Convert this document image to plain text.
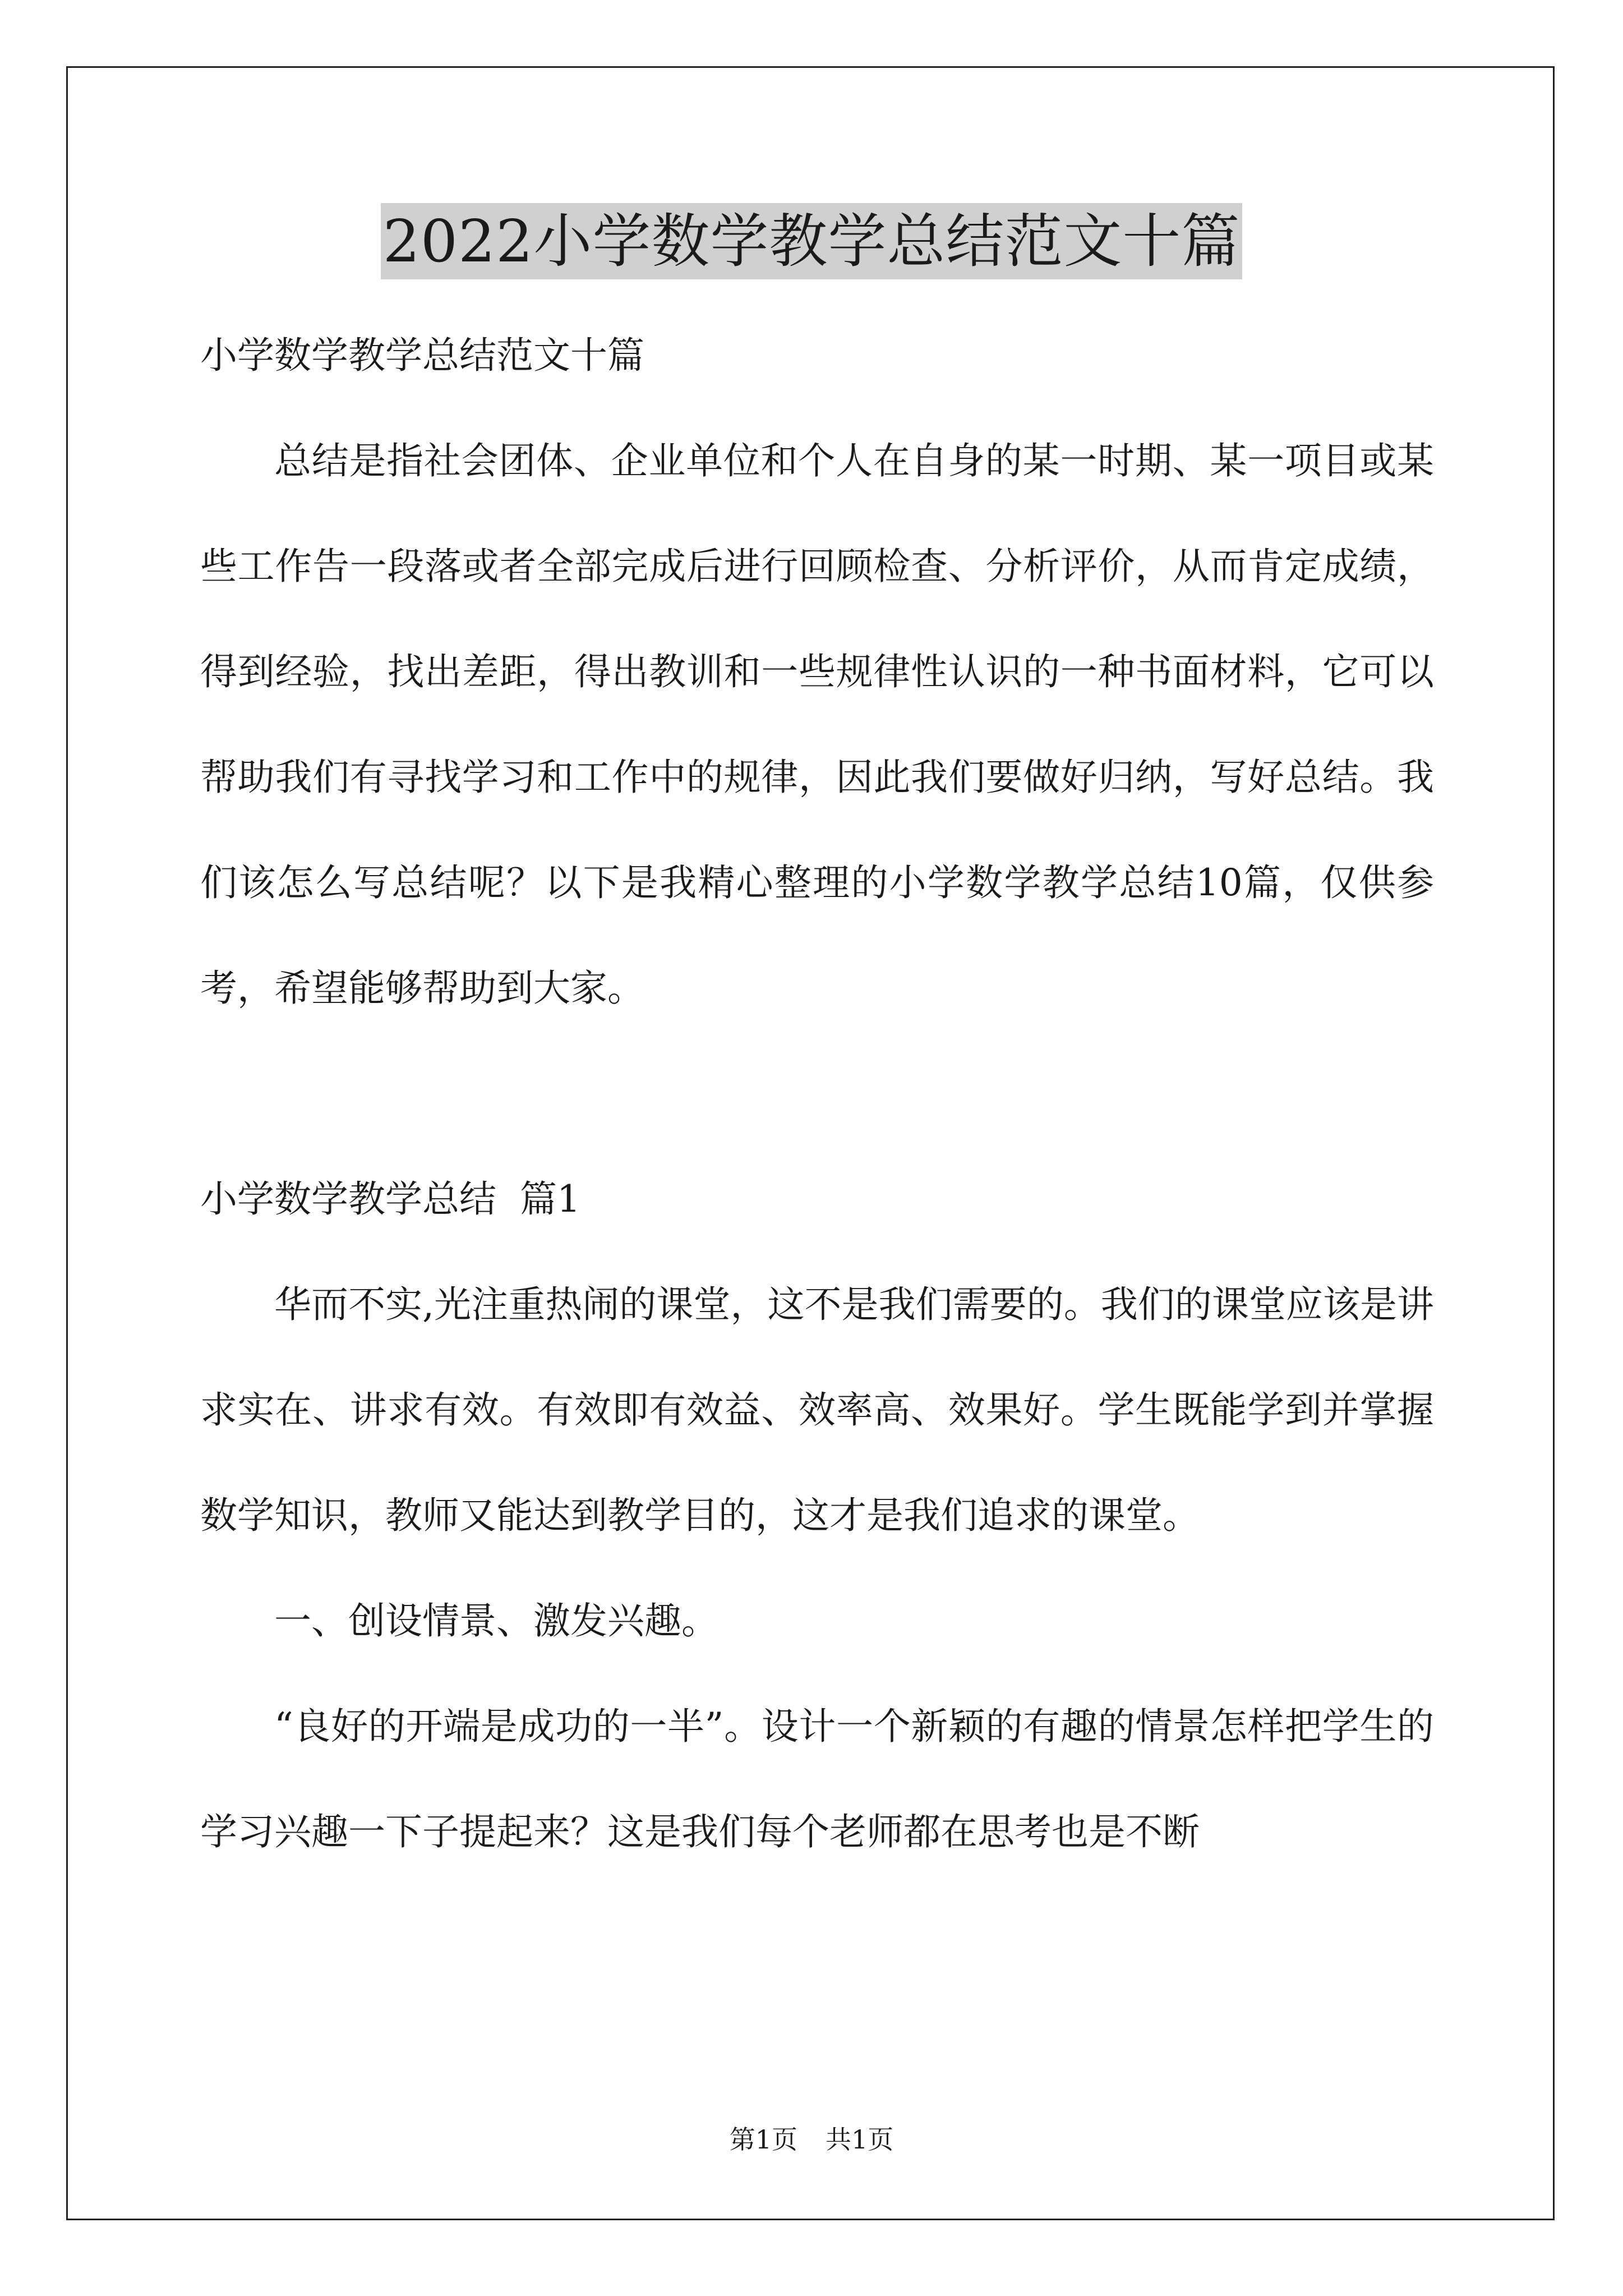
2022小学数学教学总结范文十篇

小学数学教学总结范文十篇

总结是指社会团体、企业单位和个人在自身的某一时期、某一项目或某些工作告一段落或者全部完成后进行回顾检查、分析评价，从而肯定成绩，得到经验，找出差距，得出教训和一些规律性认识的一种书面材料，它可以帮助我们有寻找学习和工作中的规律，因此我们要做好归纳，写好总结。我们该怎么写总结呢？以下是我精心整理的小学数学教学总结10篇，仅供参考，希望能够帮助到大家。

小学数学教学总结  篇1

华而不实,光注重热闹的课堂，这不是我们需要的。我们的课堂应该是讲求实在、讲求有效。有效即有效益、效率高、效果好。学生既能学到并掌握数学知识，教师又能达到教学目的，这才是我们追求的课堂。

一、创设情景、激发兴趣。

“良好的开端是成功的一半”。设计一个新颖的有趣的情景怎样把学生的学习兴趣一下子提起来？这是我们每个老师都在思考也是不断

第1页 共1页
